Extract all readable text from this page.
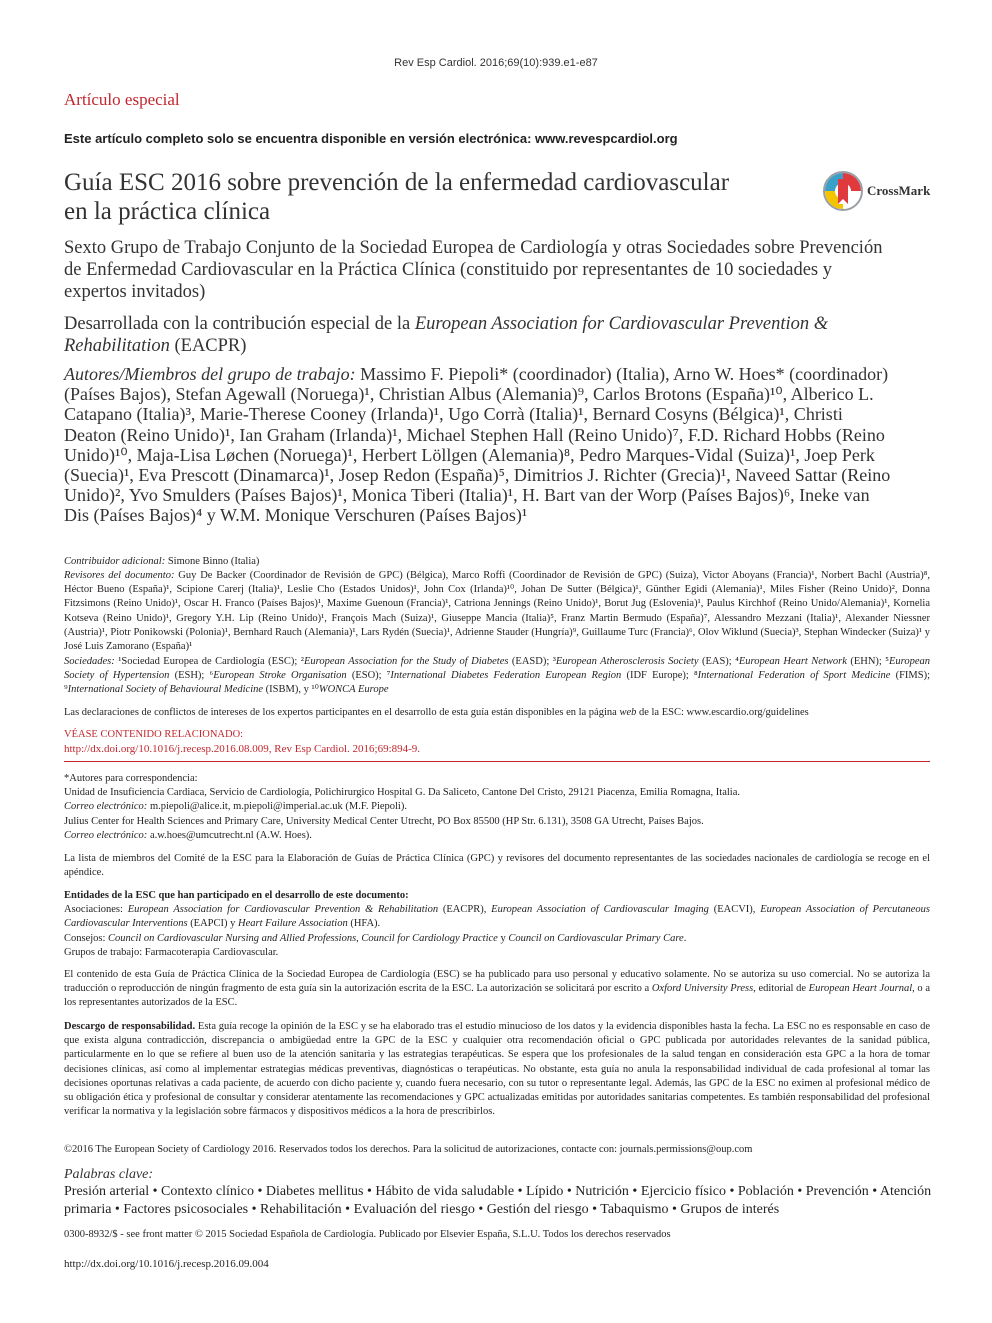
Rev Esp Cardiol. 2016;69(10):939.e1-e87
Artículo especial
Este artículo completo solo se encuentra disponible en versión electrónica: www.revespcardiol.org
Guía ESC 2016 sobre prevención de la enfermedad cardiovascular
en la práctica clínica
CrossMark

Sexto Grupo de Trabajo Conjunto de la Sociedad Europea de Cardiología y otras Sociedades sobre Prevención de Enfermedad Cardiovascular en la Práctica Clínica (constituido por representantes de 10 sociedades y expertos invitados)

Desarrollada con la contribución especial de la European Association for Cardiovascular Prevention & Rehabilitation (EACPR)

Autores/Miembros del grupo de trabajo: Massimo F. Piepoli* (coordinador) (Italia), Arno W. Hoes* (coordinador) (Países Bajos), Stefan Agewall (Noruega)¹, Christian Albus (Alemania)⁹, Carlos Brotons (España)¹⁰, Alberico L. Catapano (Italia)³, Marie-Therese Cooney (Irlanda)¹, Ugo Corrà (Italia)¹, Bernard Cosyns (Bélgica)¹, Christi Deaton (Reino Unido)¹, Ian Graham (Irlanda)¹, Michael Stephen Hall (Reino Unido)⁷, F.D. Richard Hobbs (Reino Unido)¹⁰, Maja-Lisa Løchen (Noruega)¹, Herbert Löllgen (Alemania)⁸, Pedro Marques-Vidal (Suiza)¹, Joep Perk (Suecia)¹, Eva Prescott (Dinamarca)¹, Josep Redon (España)⁵, Dimitrios J. Richter (Grecia)¹, Naveed Sattar (Reino Unido)², Yvo Smulders (Países Bajos)¹, Monica Tiberi (Italia)¹, H. Bart van der Worp (Países Bajos)⁶, Ineke van Dis (Países Bajos)⁴ y W.M. Monique Verschuren (Países Bajos)¹

Contribuidor adicional: Simone Binno (Italia)

Revisores del documento: Guy De Backer (Coordinador de Revisión de GPC) (Bélgica), Marco Roffi (Coordinador de Revisión de GPC) (Suiza), Victor Aboyans (Francia)¹, Norbert Bachl (Austria)⁸, Héctor Bueno (España)¹, Scipione Carerj (Italia)¹, Leslie Cho (Estados Unidos)¹, John Cox (Irlanda)¹⁰, Johan De Sutter (Bélgica)¹, Günther Egidi (Alemania)¹, Miles Fisher (Reino Unido)², Donna Fitzsimons (Reino Unido)¹, Oscar H. Franco (Países Bajos)¹, Maxime Guenoun (Francia)¹, Catriona Jennings (Reino Unido)¹, Borut Jug (Eslovenia)¹, Paulus Kirchhof (Reino Unido/Alemania)¹, Kornelia Kotseva (Reino Unido)¹, Gregory Y.H. Lip (Reino Unido)¹, François Mach (Suiza)¹, Giuseppe Mancia (Italia)⁵, Franz Martin Bermudo (España)⁷, Alessandro Mezzani (Italia)¹, Alexander Niessner (Austria)¹, Piotr Ponikowski (Polonia)¹, Bernhard Rauch (Alemania)¹, Lars Rydén (Suecia)¹, Adrienne Stauder (Hungría)⁹, Guillaume Turc (Francia)⁶, Olov Wiklund (Suecia)³, Stephan Windecker (Suiza)¹ y José Luis Zamorano (España)¹

Sociedades: ¹Sociedad Europea de Cardiología (ESC); ²European Association for the Study of Diabetes (EASD); ³European Atherosclerosis Society (EAS); ⁴European Heart Network (EHN); ⁵European Society of Hypertension (ESH); ⁶European Stroke Organisation (ESO); ⁷International Diabetes Federation European Region (IDF Europe); ⁸International Federation of Sport Medicine (FIMS); ⁹International Society of Behavioural Medicine (ISBM), y ¹⁰WONCA Europe

Las declaraciones de conflictos de intereses de los expertos participantes en el desarrollo de esta guía están disponibles en la página web de la ESC: www.escardio.org/guidelines

VÉASE CONTENIDO RELACIONADO:
http://dx.doi.org/10.1016/j.recesp.2016.08.009, Rev Esp Cardiol. 2016;69:894-9.
*Autores para correspondencia:
Unidad de Insuficiencia Cardiaca, Servicio de Cardiología, Polichirurgico Hospital G. Da Saliceto, Cantone Del Cristo, 29121 Piacenza, Emilia Romagna, Italia.
Correo electrónico: m.piepoli@alice.it, m.piepoli@imperial.ac.uk (M.F. Piepoli).
Julius Center for Health Sciences and Primary Care, University Medical Center Utrecht, PO Box 85500 (HP Str. 6.131), 3508 GA Utrecht, Países Bajos.
Correo electrónico: a.w.hoes@umcutrecht.nl (A.W. Hoes).

La lista de miembros del Comité de la ESC para la Elaboración de Guías de Práctica Clínica (GPC) y revisores del documento representantes de las sociedades nacionales de cardiología se recoge en el apéndice.

Entidades de la ESC que han participado en el desarrollo de este documento:
Asociaciones: European Association for Cardiovascular Prevention & Rehabilitation (EACPR), European Association of Cardiovascular Imaging (EACVI), European Association of Percutaneous Cardiovascular Interventions (EAPCI) y Heart Failure Association (HFA).
Consejos: Council on Cardiovascular Nursing and Allied Professions, Council for Cardiology Practice y Council on Cardiovascular Primary Care.
Grupos de trabajo: Farmacoterapia Cardiovascular.

El contenido de esta Guía de Práctica Clínica de la Sociedad Europea de Cardiología (ESC) se ha publicado para uso personal y educativo solamente. No se autoriza su uso comercial. No se autoriza la traducción o reproducción de ningún fragmento de esta guía sin la autorización escrita de la ESC. La autorización se solicitará por escrito a Oxford University Press, editorial de European Heart Journal, o a los representantes autorizados de la ESC.

Descargo de responsabilidad. Esta guía recoge la opinión de la ESC y se ha elaborado tras el estudio minucioso de los datos y la evidencia disponibles hasta la fecha. La ESC no es responsable en caso de que exista alguna contradicción, discrepancia o ambigüedad entre la GPC de la ESC y cualquier otra recomendación oficial o GPC publicada por autoridades relevantes de la sanidad pública, particularmente en lo que se refiere al buen uso de la atención sanitaria y las estrategias terapéuticas. Se espera que los profesionales de la salud tengan en consideración esta GPC a la hora de tomar decisiones clínicas, así como al implementar estrategias médicas preventivas, diagnósticas o terapéuticas. No obstante, esta guía no anula la responsabilidad individual de cada profesional al tomar las decisiones oportunas relativas a cada paciente, de acuerdo con dicho paciente y, cuando fuera necesario, con su tutor o representante legal. Además, las GPC de la ESC no eximen al profesional médico de su obligación ética y profesional de consultar y considerar atentamente las recomendaciones y GPC actualizadas emitidas por autoridades sanitarias competentes. Es también responsabilidad del profesional verificar la normativa y la legislación sobre fármacos y dispositivos médicos a la hora de prescribirlos.

©2016 The European Society of Cardiology 2016. Reservados todos los derechos. Para la solicitud de autorizaciones, contacte con: journals.permissions@oup.com

Palabras clave:

Presión arterial • Contexto clínico • Diabetes mellitus • Hábito de vida saludable • Lípido • Nutrición • Ejercicio físico • Población • Prevención • Atención primaria • Factores psicosociales • Rehabilitación • Evaluación del riesgo • Gestión del riesgo • Tabaquismo • Grupos de interés

0300-8932/$ - see front matter © 2015 Sociedad Española de Cardiología. Publicado por Elsevier España, S.L.U. Todos los derechos reservados
http://dx.doi.org/10.1016/j.recesp.2016.09.004
